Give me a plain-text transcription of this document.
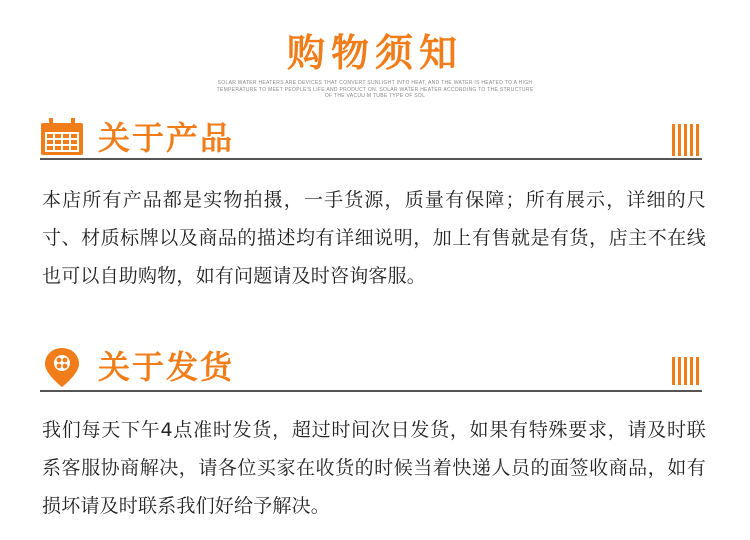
购物须知
SOLAR WATER HEATERS ARE DEVICES THAT CONVERT SUNLIGHT INTO HEAT, AND THE WATER IS HEATED TO A HIGH TEMPERATURE TO MEET PEOPLE'S LIFE AND PRODUCT ON. SOLAR WATER HEATER ACCORDING TO THE STRUCTURE OF THE VACUU M TUBE TYPE OF SOL
关于产品
本店所有产品都是实物拍摄，一手货源，质量有保障；所有展示，详细的尺寸、材质标牌以及商品的描述均有详细说明，加上有售就是有货，店主不在线也可以自助购物，如有问题请及时咨询客服。
关于发货
我们每天下午4点准时发货，超过时间次日发货，如果有特殊要求，请及时联系客服协商解决，请各位买家在收货的时候当着快递人员的面签收商品，如有损坏请及时联系我们好给予解决。
